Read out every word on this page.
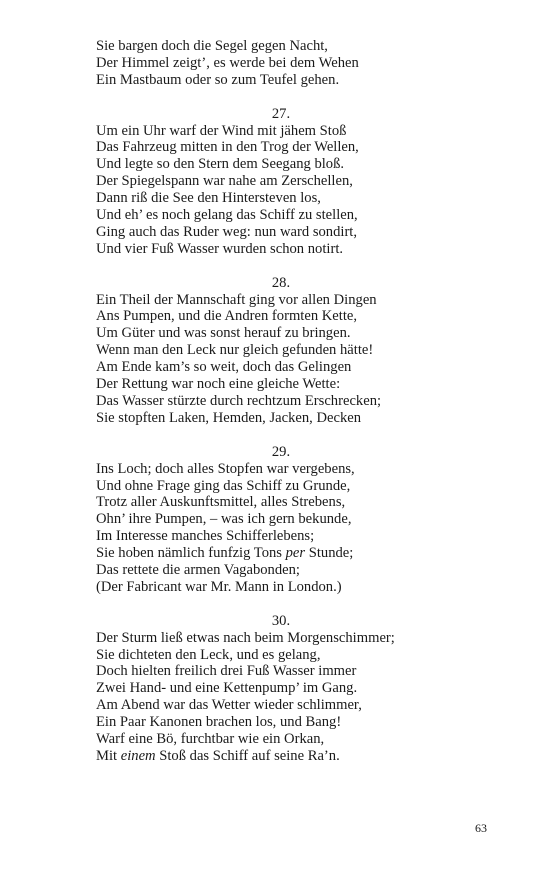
Sie bargen doch die Segel gegen Nacht,
Der Himmel zeigt’, es werde bei dem Wehen
Ein Mastbaum oder so zum Teufel gehen.
27.
Um ein Uhr warf der Wind mit jähem Stoß
Das Fahrzeug mitten in den Trog der Wellen,
Und legte so den Stern dem Seegang bloß.
Der Spiegelspann war nahe am Zerschellen,
Dann riß die See den Hintersteven los,
Und eh’ es noch gelang das Schiff zu stellen,
Ging auch das Ruder weg: nun ward sondirt,
Und vier Fuß Wasser wurden schon notirt.
28.
Ein Theil der Mannschaft ging vor allen Dingen
Ans Pumpen, und die Andren formten Kette,
Um Güter und was sonst herauf zu bringen.
Wenn man den Leck nur gleich gefunden hätte!
Am Ende kam’s so weit, doch das Gelingen
Der Rettung war noch eine gleiche Wette:
Das Wasser stürzte durch rechtzum Erschrecken;
Sie stopften Laken, Hemden, Jacken, Decken
29.
Ins Loch; doch alles Stopfen war vergebens,
Und ohne Frage ging das Schiff zu Grunde,
Trotz aller Auskunftsmittel, alles Strebens,
Ohn’ ihre Pumpen, – was ich gern bekunde,
Im Interesse manches Schifferlebens;
Sie hoben nämlich funfzig Tons per Stunde;
Das rettete die armen Vagabonden;
(Der Fabricant war Mr. Mann in London.)
30.
Der Sturm ließ etwas nach beim Morgenschimmer;
Sie dichteten den Leck, und es gelang,
Doch hielten freilich drei Fuß Wasser immer
Zwei Hand- und eine Kettenpump’ im Gang.
Am Abend war das Wetter wieder schlimmer,
Ein Paar Kanonen brachen los, und Bang!
Warf eine Bö, furchtbar wie ein Orkan,
Mit einem Stoß das Schiff auf seine Ra’n.
63
